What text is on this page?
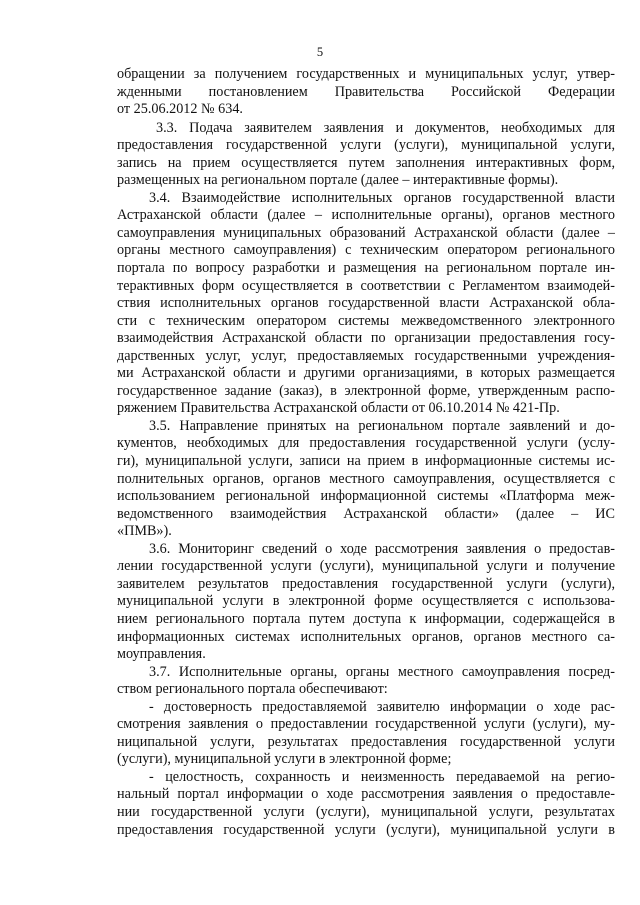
5
обращении за получением государственных и муниципальных услуг, утвер-
жденными постановлением Правительства Российской Федерации
от 25.06.2012 № 634.
3.3. Подача заявителем заявления и документов, необходимых для
предоставления государственной услуги (услуги), муниципальной услуги,
запись на прием осуществляется путем заполнения интерактивных форм,
размещенных на региональном портале (далее – интерактивные формы).
3.4. Взаимодействие исполнительных органов государственной власти
Астраханской области (далее – исполнительные органы), органов местного
самоуправления муниципальных образований Астраханской области (далее –
органы местного самоуправления) с техническим оператором регионального
портала по вопросу разработки и размещения на региональном портале ин-
терактивных форм осуществляется в соответствии с Регламентом взаимодей-
ствия исполнительных органов государственной власти Астраханской обла-
сти с техническим оператором системы межведомственного электронного
взаимодействия Астраханской области по организации предоставления госу-
дарственных услуг, услуг, предоставляемых государственными учреждения-
ми Астраханской области и другими организациями, в которых размещается
государственное задание (заказ), в электронной форме, утвержденным распо-
ряжением Правительства Астраханской области от 06.10.2014 № 421-Пр.
3.5. Направление принятых на региональном портале заявлений и до-
кументов, необходимых для предоставления государственной услуги (услу-
ги), муниципальной услуги, записи на прием в информационные системы ис-
полнительных органов, органов местного самоуправления, осуществляется с
использованием региональной информационной системы «Платформа меж-
ведомственного взаимодействия Астраханской области» (далее – ИС
«ПМВ»).
3.6. Мониторинг сведений о ходе рассмотрения заявления о предостав-
лении государственной услуги (услуги), муниципальной услуги и получение
заявителем результатов предоставления государственной услуги (услуги),
муниципальной услуги в электронной форме осуществляется с использова-
нием регионального портала путем доступа к информации, содержащейся в
информационных системах исполнительных органов, органов местного са-
моуправления.
3.7. Исполнительные органы, органы местного самоуправления посред-
ством регионального портала обеспечивают:
- достоверность предоставляемой заявителю информации о ходе рас-
смотрения заявления о предоставлении государственной услуги (услуги), му-
ниципальной услуги, результатах предоставления государственной услуги
(услуги), муниципальной услуги в электронной форме;
- целостность, сохранность и неизменность передаваемой на регио-
нальный портал информации о ходе рассмотрения заявления о предоставле-
нии государственной услуги (услуги), муниципальной услуги, результатах
предоставления государственной услуги (услуги), муниципальной услуги в
